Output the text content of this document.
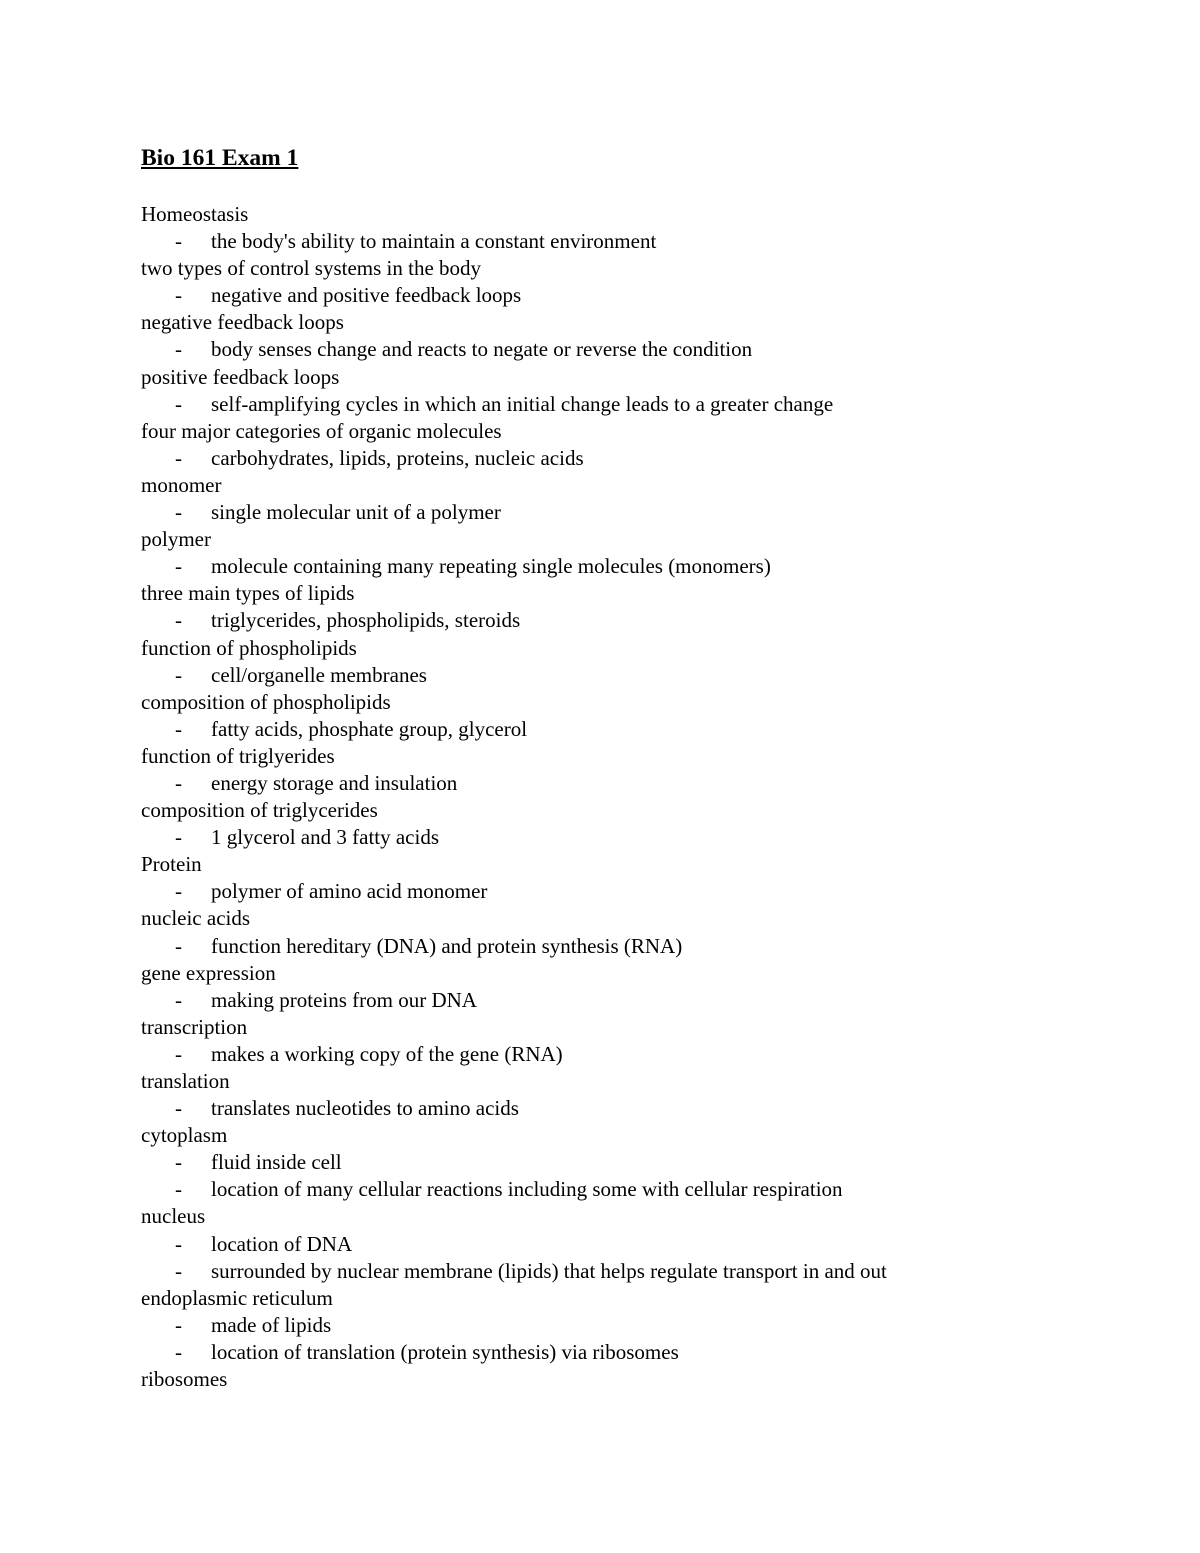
Bio 161 Exam 1
Homeostasis
- the body's ability to maintain a constant environment
two types of control systems in the body
- negative and positive feedback loops
negative feedback loops
- body senses change and reacts to negate or reverse the condition
positive feedback loops
- self-amplifying cycles in which an initial change leads to a greater change
four major categories of organic molecules
- carbohydrates, lipids, proteins, nucleic acids
monomer
- single molecular unit of a polymer
polymer
- molecule containing many repeating single molecules (monomers)
three main types of lipids
- triglycerides, phospholipids, steroids
function of phospholipids
- cell/organelle membranes
composition of phospholipids
- fatty acids, phosphate group, glycerol
function of triglyerides
- energy storage and insulation
composition of triglycerides
- 1 glycerol and 3 fatty acids
Protein
- polymer of amino acid monomer
nucleic acids
- function hereditary (DNA) and protein synthesis (RNA)
gene expression
- making proteins from our DNA
transcription
- makes a working copy of the gene (RNA)
translation
- translates nucleotides to amino acids
cytoplasm
- fluid inside cell
- location of many cellular reactions including some with cellular respiration
nucleus
- location of DNA
- surrounded by nuclear membrane (lipids) that helps regulate transport in and out
endoplasmic reticulum
- made of lipids
- location of translation (protein synthesis) via ribosomes
ribosomes
